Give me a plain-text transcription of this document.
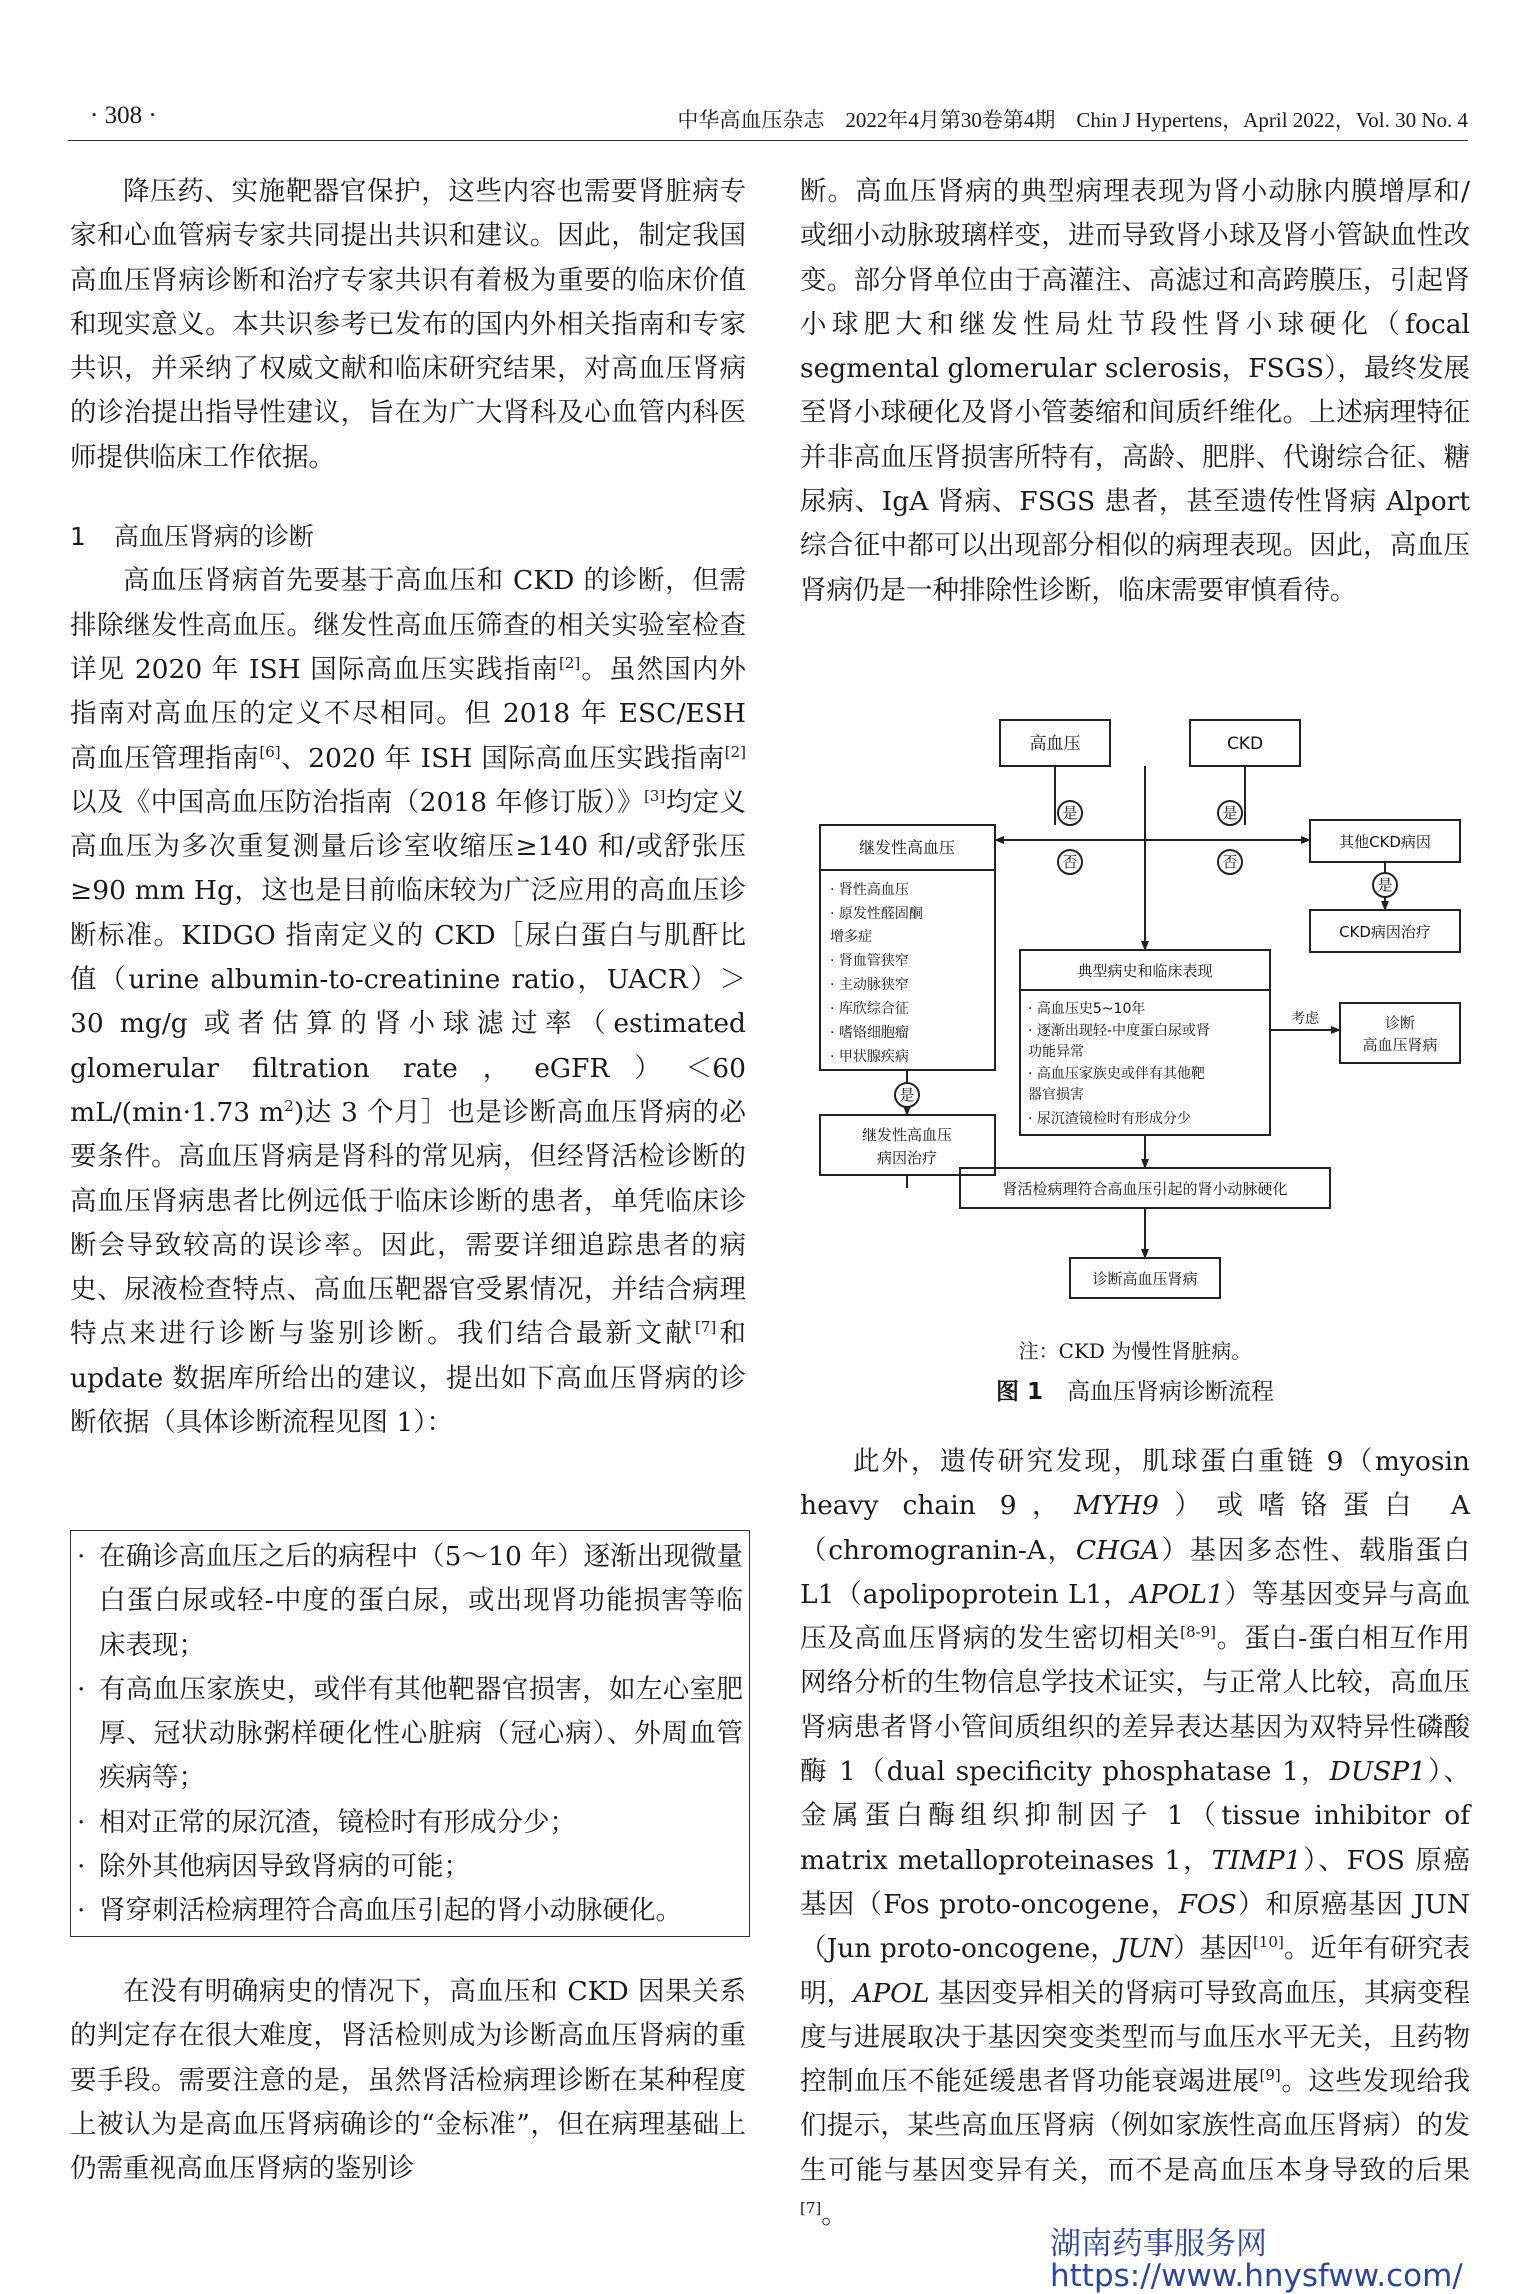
· 308 ·	中华高血压杂志　2022年4月第30卷第4期　Chin J Hypertens，April 2022，Vol. 30 No. 4

降压药、实施靶器官保护，这些内容也需要肾脏病专家和心血管病专家共同提出共识和建议。因此，制定我国高血压肾病诊断和治疗专家共识有着极为重要的临床价值和现实意义。本共识参考已发布的国内外相关指南和专家共识，并采纳了权威文献和临床研究结果，对高血压肾病的诊治提出指导性建议，旨在为广大肾科及心血管内科医师提供临床工作依据。

1 高血压肾病的诊断

高血压肾病首先要基于高血压和 CKD 的诊断，但需排除继发性高血压。继发性高血压筛查的相关实验室检查详见 2020 年 ISH 国际高血压实践指南[2]。虽然国内外指南对高血压的定义不尽相同。但 2018 年 ESC/ESH 高血压管理指南[6]、2020 年 ISH 国际高血压实践指南[2]以及《中国高血压防治指南（2018 年修订版）》[3]均定义高血压为多次重复测量后诊室收缩压≥140 和/或舒张压≥90 mm Hg，这也是目前临床较为广泛应用的高血压诊断标准。KIDGO 指南定义的 CKD［尿白蛋白与肌酐比值（urine albumin-to-creatinine ratio，UACR）＞30 mg/g 或者估算的肾小球滤过率（estimated glomerular filtration rate，eGFR）＜60 mL/(min·1.73 $m^2$)达 3 个月］也是诊断高血压肾病的必要条件。高血压肾病是肾科的常见病，但经肾活检诊断的高血压肾病患者比例远低于临床诊断的患者，单凭临床诊断会导致较高的误诊率。因此，需要详细追踪患者的病史、尿液检查特点、高血压靶器官受累情况，并结合病理特点来进行诊断与鉴别诊断。我们结合最新文献[7]和 update 数据库所给出的建议，提出如下高血压肾病的诊断依据（具体诊断流程见图 1）：

· 在确诊高血压之后的病程中（5～10 年）逐渐出现微量白蛋白尿或轻-中度的蛋白尿，或出现肾功能损害等临床表现；
· 有高血压家族史，或伴有其他靶器官损害，如左心室肥厚、冠状动脉粥样硬化性心脏病（冠心病）、外周血管疾病等；
· 相对正常的尿沉渣，镜检时有形成分少；
· 除外其他病因导致肾病的可能；
· 肾穿刺活检病理符合高血压引起的肾小动脉硬化。

在没有明确病史的情况下，高血压和 CKD 因果关系的判定存在很大难度，肾活检则成为诊断高血压肾病的重要手段。需要注意的是，虽然肾活检病理诊断在某种程度上被认为是高血压肾病确诊的“金标准”，但在病理基础上仍需重视高血压肾病的鉴别诊

断。高血压肾病的典型病理表现为肾小动脉内膜增厚和/或细小动脉玻璃样变，进而导致肾小球及肾小管缺血性改变。部分肾单位由于高灌注、高滤过和高跨膜压，引起肾小球肥大和继发性局灶节段性肾小球硬化（focal segmental glomerular sclerosis，FSGS），最终发展至肾小球硬化及肾小管萎缩和间质纤维化。上述病理特征并非高血压肾损害所特有，高龄、肥胖、代谢综合征、糖尿病、IgA 肾病、FSGS 患者，甚至遗传性肾病 Alport 综合征中都可以出现部分相似的病理表现。因此，高血压肾病仍是一种排除性诊断，临床需要审慎看待。

是
否
是
否
是
是
高血压	CKD
继发性高血压	其他CKD病因
CKD病因治疗
典型病史和临床表现
诊断
高血压肾病
考虑
继发性高血压
病因治疗
肾活检病理符合高血压引起的肾小动脉硬化
诊断高血压肾病
· 肾性高血压
· 原发性醛固酮
增多症
· 肾血管狭窄
· 主动脉狭窄
· 库欣综合征
· 嗜铬细胞瘤
· 甲状腺疾病
· 高血压史5~10年
· 逐渐出现轻-中度蛋白尿或肾
功能异常
· 高血压家族史或伴有其他靶
器官损害
· 尿沉渣镜检时有形成分少
注：CKD 为慢性肾脏病。
图 1 高血压肾病诊断流程

此外，遗传研究发现，肌球蛋白重链 9（myosin heavy chain 9，MYH9）或嗜铬蛋白 A（chromogranin-A，CHGA）基因多态性、载脂蛋白 L1（apolipoprotein L1，APOL1）等基因变异与高血压及高血压肾病的发生密切相关[8-9]。蛋白-蛋白相互作用网络分析的生物信息学技术证实，与正常人比较，高血压肾病患者肾小管间质组织的差异表达基因为双特异性磷酸酶 1（dual specificity phosphatase 1，DUSP1）、金属蛋白酶组织抑制因子 1（tissue inhibitor of matrix metalloproteinases 1，TIMP1）、FOS 原癌基因（Fos proto-oncogene，FOS）和原癌基因 JUN（Jun proto-oncogene，JUN）基因[10]。近年有研究表明，APOL 基因变异相关的肾病可导致高血压，其病变程度与进展取决于基因突变类型而与血压水平无关，且药物控制血压不能延缓患者肾功能衰竭进展[9]。这些发现给我们提示，某些高血压肾病（例如家族性高血压肾病）的发生可能与基因变异有关，而不是高血压本身导致的后果[7]。

湖南药事服务网
https://www.hnysfww.com/
